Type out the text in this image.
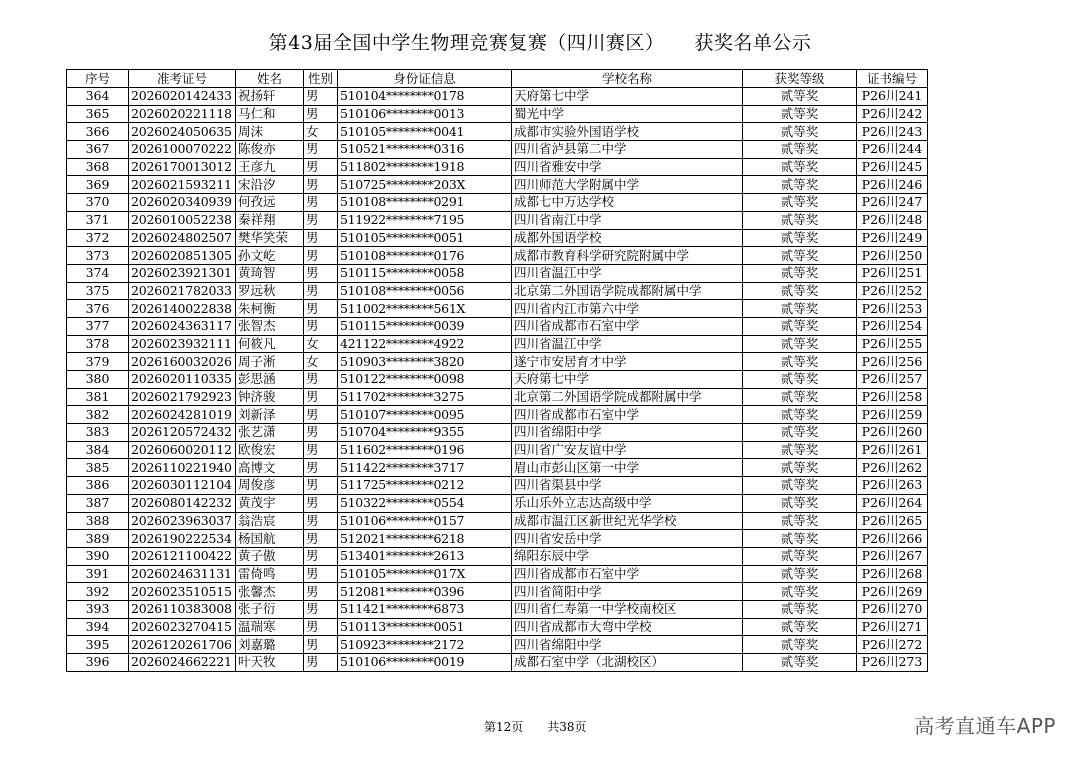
第43届全国中学生物理竞赛复赛（四川赛区） 获奖名单公示
序号	准考证号	姓名	性别	身份证信息	学校名称	获奖等级	证书编号
364	2026020142433	祝扬轩	男	510104********0178	天府第七中学	贰等奖	P26川241
365	2026020221118	马仁和	男	510106********0013	蜀光中学	贰等奖	P26川242
366	2026024050635	周沫	女	510105********0041	成都市实验外国语学校	贰等奖	P26川243
367	2026100070222	陈俊亦	男	510521********0316	四川省泸县第二中学	贰等奖	P26川244
368	2026170013012	王彦九	男	511802********1918	四川省雅安中学	贰等奖	P26川245
369	2026021593211	宋沿汐	男	510725********203X	四川师范大学附属中学	贰等奖	P26川246
370	2026020340939	何孜远	男	510108********0291	成都七中万达学校	贰等奖	P26川247
371	2026010052238	秦祥翔	男	511922********7195	四川省南江中学	贰等奖	P26川248
372	2026024802507	樊华笑荣	男	510105********0051	成都外国语学校	贰等奖	P26川249
373	2026020851305	孙文屹	男	510108********0176	成都市教育科学研究院附属中学	贰等奖	P26川250
374	2026023921301	黄琦智	男	510115********0058	四川省温江中学	贰等奖	P26川251
375	2026021782033	罗远秋	男	510108********0056	北京第二外国语学院成都附属中学	贰等奖	P26川252
376	2026140022838	朱柯衡	男	511002********561X	四川省内江市第六中学	贰等奖	P26川253
377	2026024363117	张智杰	男	510115********0039	四川省成都市石室中学	贰等奖	P26川254
378	2026023932111	何筱凡	女	421122********4922	四川省温江中学	贰等奖	P26川255
379	2026160032026	周子淅	女	510903********3820	遂宁市安居育才中学	贰等奖	P26川256
380	2026020110335	彭思涵	男	510122********0098	天府第七中学	贰等奖	P26川257
381	2026021792923	钟济骏	男	511702********3275	北京第二外国语学院成都附属中学	贰等奖	P26川258
382	2026024281019	刘新泽	男	510107********0095	四川省成都市石室中学	贰等奖	P26川259
383	2026120572432	张艺潇	男	510704********9355	四川省绵阳中学	贰等奖	P26川260
384	2026060020112	欧俊宏	男	511602********0196	四川省广安友谊中学	贰等奖	P26川261
385	2026110221940	高博文	男	511422********3717	眉山市彭山区第一中学	贰等奖	P26川262
386	2026030112104	周俊彦	男	511725********0212	四川省渠县中学	贰等奖	P26川263
387	2026080142232	黄茂宇	男	510322********0554	乐山乐外立志达高级中学	贰等奖	P26川264
388	2026023963037	翁浩宸	男	510106********0157	成都市温江区新世纪光华学校	贰等奖	P26川265
389	2026190222534	杨国航	男	512021********6218	四川省安岳中学	贰等奖	P26川266
390	2026121100422	黄子傲	男	513401********2613	绵阳东辰中学	贰等奖	P26川267
391	2026024631131	雷倚鸣	男	510105********017X	四川省成都市石室中学	贰等奖	P26川268
392	2026023510515	张馨杰	男	512081********0396	四川省简阳中学	贰等奖	P26川269
393	2026110383008	张子衍	男	511421********6873	四川省仁寿第一中学校南校区	贰等奖	P26川270
394	2026023270415	温瑞寒	男	510113********0051	四川省成都市大弯中学校	贰等奖	P26川271
395	2026120261706	刘嘉璐	男	510923********2172	四川省绵阳中学	贰等奖	P26川272
396	2026024662221	叶天牧	男	510106********0019	成都石室中学（北湖校区）	贰等奖	P26川273
第12页 共38页	高考直通车APP
